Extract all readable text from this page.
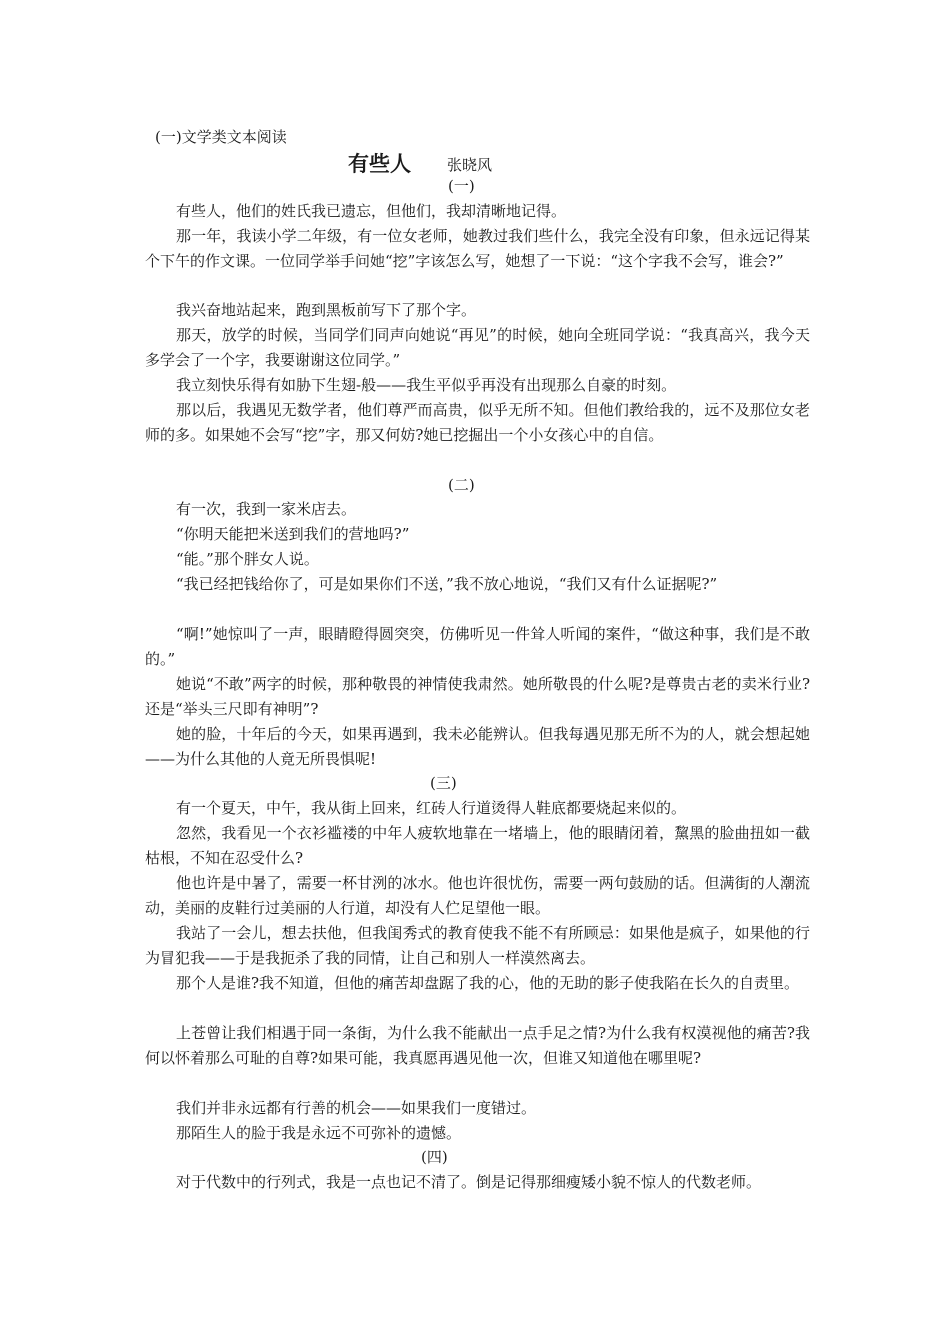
(一)文学类文本阅读
有些人 张晓风
(一)

有些人，他们的姓氏我已遗忘，但他们，我却清晰地记得。

那一年，我读小学二年级，有一位女老师，她教过我们些什么，我完全没有印象，但永远记得某个下午的作文课。一位同学举手问她“挖”字该怎么写，她想了一下说：“这个字我不会写，谁会?”

我兴奋地站起来，跑到黑板前写下了那个字。

那天，放学的时候，当同学们同声向她说“再见”的时候，她向全班同学说：“我真高兴，我今天多学会了一个字，我要谢谢这位同学。”

我立刻快乐得有如胁下生翅-般——我生平似乎再没有出现那么自豪的时刻。

那以后，我遇见无数学者，他们尊严而高贵，似乎无所不知。但他们教给我的，远不及那位女老师的多。如果她不会写“挖”字，那又何妨?她已挖掘出一个小女孩心中的自信。

(二)

有一次，我到一家米店去。

“你明天能把米送到我们的营地吗?”

“能。”那个胖女人说。

“我已经把钱给你了，可是如果你们不送，”我不放心地说，“我们又有什么证据呢?”

“啊!”她惊叫了一声，眼睛瞪得圆突突，仿佛听见一件耸人听闻的案件，“做这种事，我们是不敢的。”

她说“不敢”两字的时候，那种敬畏的神情使我肃然。她所敬畏的什么呢?是尊贵古老的卖米行业?还是“举头三尺即有神明”?

她的脸，十年后的今天，如果再遇到，我未必能辨认。但我每遇见那无所不为的人，就会想起她——为什么其他的人竟无所畏惧呢!

(三)

有一个夏天，中午，我从街上回来，红砖人行道烫得人鞋底都要烧起来似的。

忽然，我看见一个衣衫褴褛的中年人疲软地靠在一堵墙上，他的眼睛闭着，黧黑的脸曲扭如一截枯根，不知在忍受什么?

他也许是中暑了，需要一杯甘洌的冰水。他也许很忧伤，需要一两句鼓励的话。但满街的人潮流动，美丽的皮鞋行过美丽的人行道，却没有人伫足望他一眼。

我站了一会儿，想去扶他，但我闺秀式的教育使我不能不有所顾忌：如果他是疯子，如果他的行为冒犯我——于是我扼杀了我的同情，让自己和别人一样漠然离去。

那个人是谁?我不知道，但他的痛苦却盘踞了我的心，他的无助的影子使我陷在长久的自责里。

上苍曾让我们相遇于同一条街，为什么我不能献出一点手足之情?为什么我有权漠视他的痛苦?我何以怀着那么可耻的自尊?如果可能，我真愿再遇见他一次，但谁又知道他在哪里呢?

我们并非永远都有行善的机会——如果我们一度错过。

那陌生人的脸于我是永远不可弥补的遗憾。

(四)

对于代数中的行列式，我是一点也记不清了。倒是记得那细瘦矮小貌不惊人的代数老师。
